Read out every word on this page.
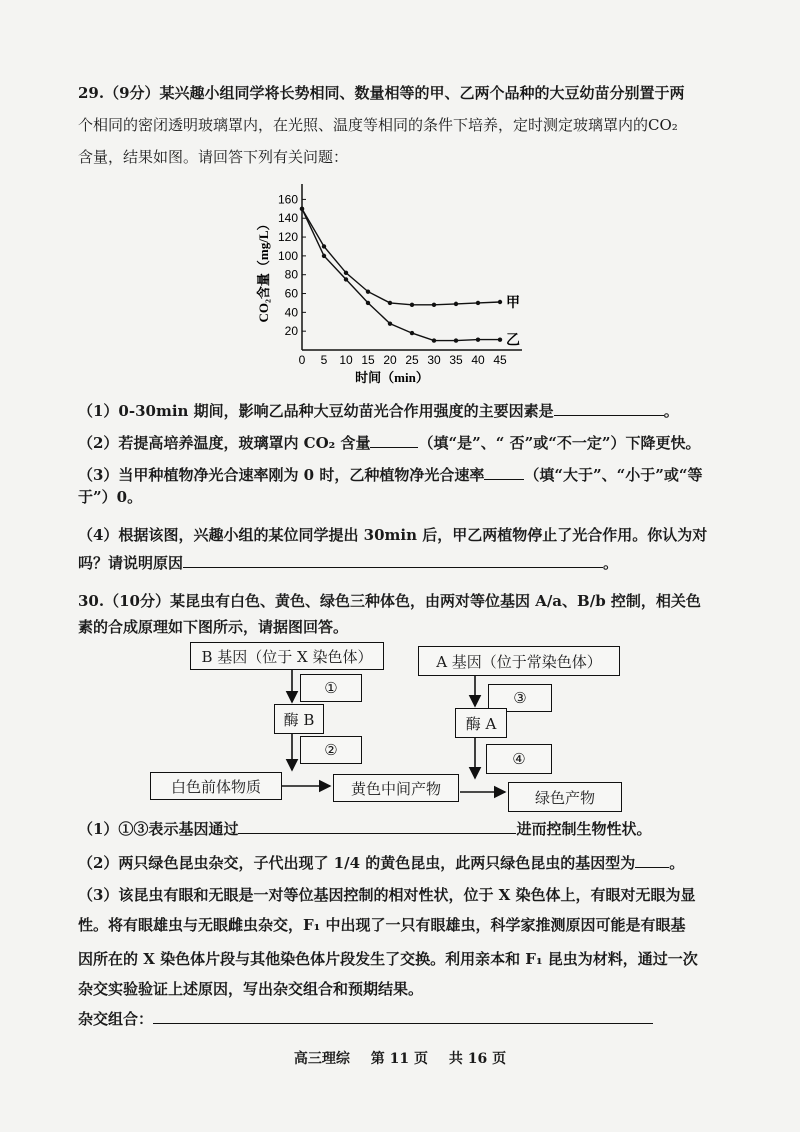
29.（9分）某兴趣小组同学将长势相同、数量相等的甲、乙两个品种的大豆幼苗分别置于两
个相同的密闭透明玻璃罩内，在光照、温度等相同的条件下培养，定时测定玻璃罩内的CO₂
含量，结果如图。请回答下列有关问题：
20
40
60
80
100
120
140
160
0 5 10 15 20 25 30 35 40 45
时间（min）
CO₂含量（mg/L）	甲
乙
（1）0-30min 期间，影响乙品种大豆幼苗光合作用强度的主要因素是	。
（2）若提高培养温度，玻璃罩内 CO₂ 含量	（填“是”、“ 否”或“不一定”）下降更快。
（3）当甲种植物净光合速率刚为 0 时，乙种植物净光合速率	（填“大于”、“小于”或“等
于”）0。
（4）根据该图，兴趣小组的某位同学提出 30min 后，甲乙两植物停止了光合作用。你认为对
吗？请说明原因	。
30.（10分）某昆虫有白色、黄色、绿色三种体色，由两对等位基因 A/a、B/b 控制，相关色
素的合成原理如下图所示，请据图回答。
B 基因（位于 X 染色体）	A 基因（位于常染色体）
①
酶 B
②
③
酶 A
④
白色前体物质	黄色中间产物	绿色产物
（1）①③表示基因通过	进而控制生物性状。
（2）两只绿色昆虫杂交，子代出现了 1/4 的黄色昆虫，此两只绿色昆虫的基因型为 。
（3）该昆虫有眼和无眼是一对等位基因控制的相对性状，位于 X 染色体上，有眼对无眼为显
性。将有眼雄虫与无眼雌虫杂交，F₁ 中出现了一只有眼雄虫，科学家推测原因可能是有眼基
因所在的 X 染色体片段与其他染色体片段发生了交换。利用亲本和 F₁ 昆虫为材料，通过一次
杂交实验验证上述原因，写出杂交组合和预期结果。
杂交组合：
高三理综 第 11 页 共 16 页
